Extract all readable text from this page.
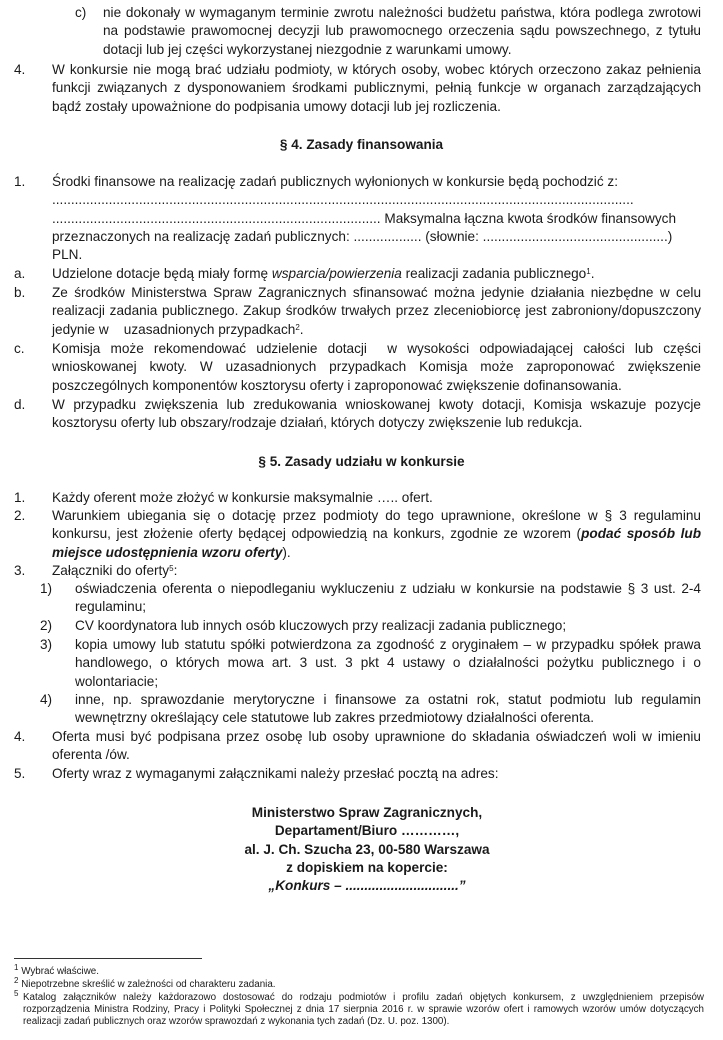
c) nie dokonały w wymaganym terminie zwrotu należności budżetu państwa, która podlega zwrotowi na podstawie prawomocnej decyzji lub prawomocnego orzeczenia sądu powszechnego, z tytułu dotacji lub jej części wykorzystanej niezgodnie z warunkami umowy.
4. W konkursie nie mogą brać udziału podmioty, w których osoby, wobec których orzeczono zakaz pełnienia funkcji związanych z dysponowaniem środkami publicznymi, pełnią funkcje w organach zarządzających bądź zostały upoważnione do podpisania umowy dotacji lub jej rozliczenia.
§ 4. Zasady finansowania
1. Środki finansowe na realizację zadań publicznych wyłonionych w konkursie będą pochodzić z:
..........................................................................................................................................................
....................................................................................... Maksymalna łączna kwota środków finansowych
przeznaczonych na realizację zadań publicznych: .................. (słownie: .................................................)
PLN.
a. Udzielone dotacje będą miały formę wsparcia/powierzenia realizacji zadania publicznego$^1$.
b. Ze środków Ministerstwa Spraw Zagranicznych sfinansować można jedynie działania niezbędne w celu realizacji zadania publicznego. Zakup środków trwałych przez zleceniobiorcę jest zabroniony/dopuszczony jedynie w    uzasadnionych przypadkach$^2$.
c. Komisja może rekomendować udzielenie dotacji  w wysokości odpowiadającej całości lub części wnioskowanej kwoty. W uzasadnionych przypadkach Komisja może zaproponować zwiększenie poszczególnych komponentów kosztorysu oferty i zaproponować zwiększenie dofinansowania.
d. W przypadku zwiększenia lub zredukowania wnioskowanej kwoty dotacji, Komisja wskazuje pozycje kosztorysu oferty lub obszary/rodzaje działań, których dotyczy zwiększenie lub redukcja.
§ 5. Zasady udziału w konkursie
1. Każdy oferent może złożyć w konkursie maksymalnie ….. ofert.
2. Warunkiem ubiegania się o dotację przez podmioty do tego uprawnione, określone w § 3 regulaminu konkursu, jest złożenie oferty będącej odpowiedzią na konkurs, zgodnie ze wzorem (podać sposób lub miejsce udostępnienia wzoru oferty).
3. Załączniki do oferty$^5$:
1) oświadczenia oferenta o niepodleganiu wykluczeniu z udziału w konkursie na podstawie § 3 ust. 2-4 regulaminu;
2) CV koordynatora lub innych osób kluczowych przy realizacji zadania publicznego;
3) kopia umowy lub statutu spółki potwierdzona za zgodność z oryginałem – w przypadku spółek prawa handlowego, o których mowa art. 3 ust. 3 pkt 4 ustawy o działalności pożytku publicznego i o wolontariacie;
4) inne, np. sprawozdanie merytoryczne i finansowe za ostatni rok, statut podmiotu lub regulamin wewnętrzny określający cele statutowe lub zakres przedmiotowy działalności oferenta.
4. Oferta musi być podpisana przez osobę lub osoby uprawnione do składania oświadczeń woli w imieniu oferenta /ów.
5. Oferty wraz z wymaganymi załącznikami należy przesłać pocztą na adres:
Ministerstwo Spraw Zagranicznych,
Departament/Biuro …………,
al. J. Ch. Szucha 23, 00-580 Warszawa
z dopiskiem na kopercie:
„Konkurs – ..............................”
$^1$ Wybrać właściwe.
$^2$ Niepotrzebne skreślić w zależności od charakteru zadania.
$^5$ Katalog załączników należy każdorazowo dostosować do rodzaju podmiotów i profilu zadań objętych konkursem, z uwzględnieniem przepisów rozporządzenia Ministra Rodziny, Pracy i Polityki Społecznej z dnia 17 sierpnia 2016 r. w sprawie wzorów ofert i ramowych wzorów umów dotyczących realizacji zadań publicznych oraz wzorów sprawozdań z wykonania tych zadań (Dz. U. poz. 1300).
